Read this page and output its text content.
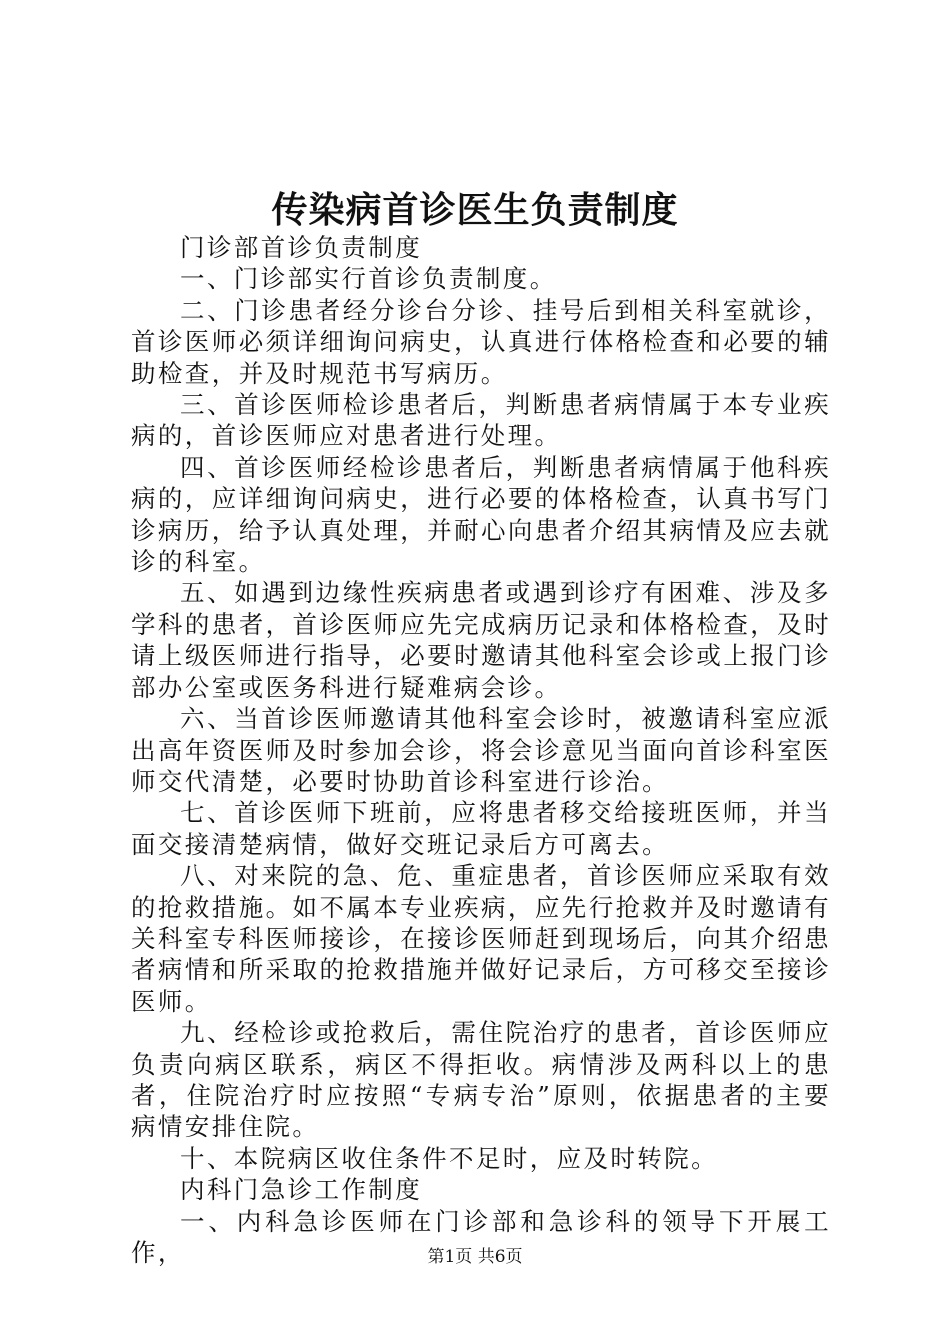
传染病首诊医生负责制度

门诊部首诊负责制度

一、门诊部实行首诊负责制度。

二、门诊患者经分诊台分诊、挂号后到相关科室就诊，首诊医师必须详细询问病史，认真进行体格检查和必要的辅助检查，并及时规范书写病历。

三、首诊医师检诊患者后，判断患者病情属于本专业疾病的，首诊医师应对患者进行处理。

四、首诊医师经检诊患者后，判断患者病情属于他科疾病的，应详细询问病史，进行必要的体格检查，认真书写门诊病历，给予认真处理，并耐心向患者介绍其病情及应去就诊的科室。

五、如遇到边缘性疾病患者或遇到诊疗有困难、涉及多学科的患者，首诊医师应先完成病历记录和体格检查，及时请上级医师进行指导，必要时邀请其他科室会诊或上报门诊部办公室或医务科进行疑难病会诊。

六、当首诊医师邀请其他科室会诊时，被邀请科室应派出高年资医师及时参加会诊，将会诊意见当面向首诊科室医师交代清楚，必要时协助首诊科室进行诊治。

七、首诊医师下班前，应将患者移交给接班医师，并当面交接清楚病情，做好交班记录后方可离去。

八、对来院的急、危、重症患者，首诊医师应采取有效的抢救措施。如不属本专业疾病，应先行抢救并及时邀请有关科室专科医师接诊，在接诊医师赶到现场后，向其介绍患者病情和所采取的抢救措施并做好记录后，方可移交至接诊医师。

九、经检诊或抢救后，需住院治疗的患者，首诊医师应负责向病区联系，病区不得拒收。病情涉及两科以上的患者，住院治疗时应按照“专病专治”原则，依据患者的主要病情安排住院。

十、本院病区收住条件不足时，应及时转院。

内科门急诊工作制度

一、内科急诊医师在门诊部和急诊科的领导下开展工作，	第1页 共6页
